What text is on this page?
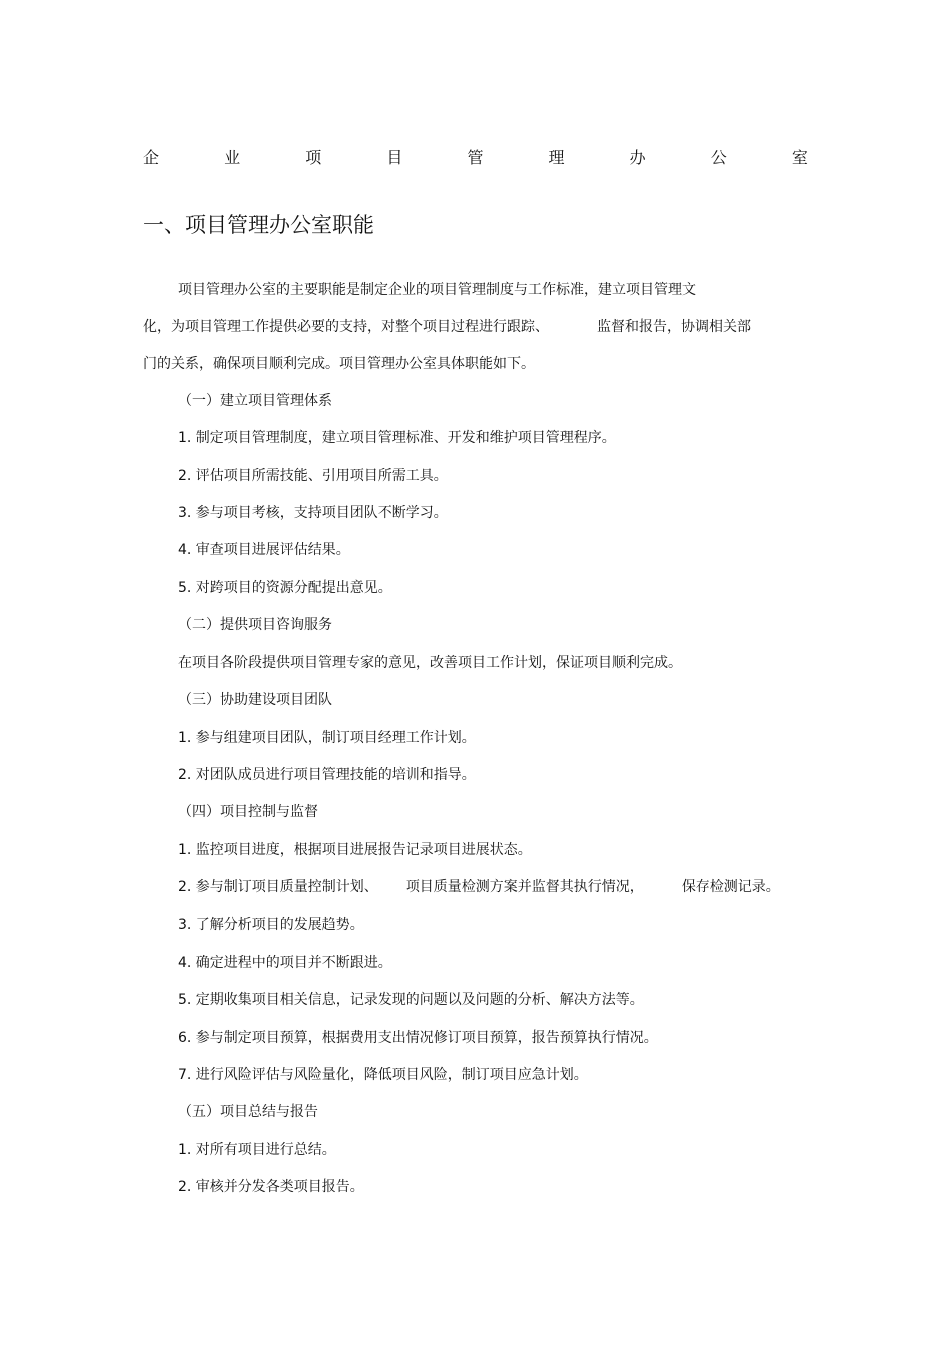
企	业	项	目	管	理	办	公	室
一、项目管理办公室职能
项目管理办公室的主要职能是制定企业的项目管理制度与工作标准，建立项目管理文
化，为项目管理工作提供必要的支持，对整个项目过程进行跟踪、	监督和报告，协调相关部
门的关系，确保项目顺利完成。项目管理办公室具体职能如下。
（一）建立项目管理体系
1. 制定项目管理制度，建立项目管理标准、开发和维护项目管理程序。
2. 评估项目所需技能、引用项目所需工具。
3. 参与项目考核，支持项目团队不断学习。
4. 审查项目进展评估结果。
5. 对跨项目的资源分配提出意见。
（二）提供项目咨询服务
在项目各阶段提供项目管理专家的意见，改善项目工作计划，保证项目顺利完成。
（三）协助建设项目团队
1. 参与组建项目团队，制订项目经理工作计划。
2. 对团队成员进行项目管理技能的培训和指导。
（四）项目控制与监督
1. 监控项目进度，根据项目进展报告记录项目进展状态。
2. 参与制订项目质量控制计划、 项目质量检测方案并监督其执行情况，	保存检测记录。
3. 了解分析项目的发展趋势。
4. 确定进程中的项目并不断跟进。
5. 定期收集项目相关信息，记录发现的问题以及问题的分析、解决方法等。
6. 参与制定项目预算，根据费用支出情况修订项目预算，报告预算执行情况。
7. 进行风险评估与风险量化，降低项目风险，制订项目应急计划。
（五）项目总结与报告
1. 对所有项目进行总结。
2. 审核并分发各类项目报告。
